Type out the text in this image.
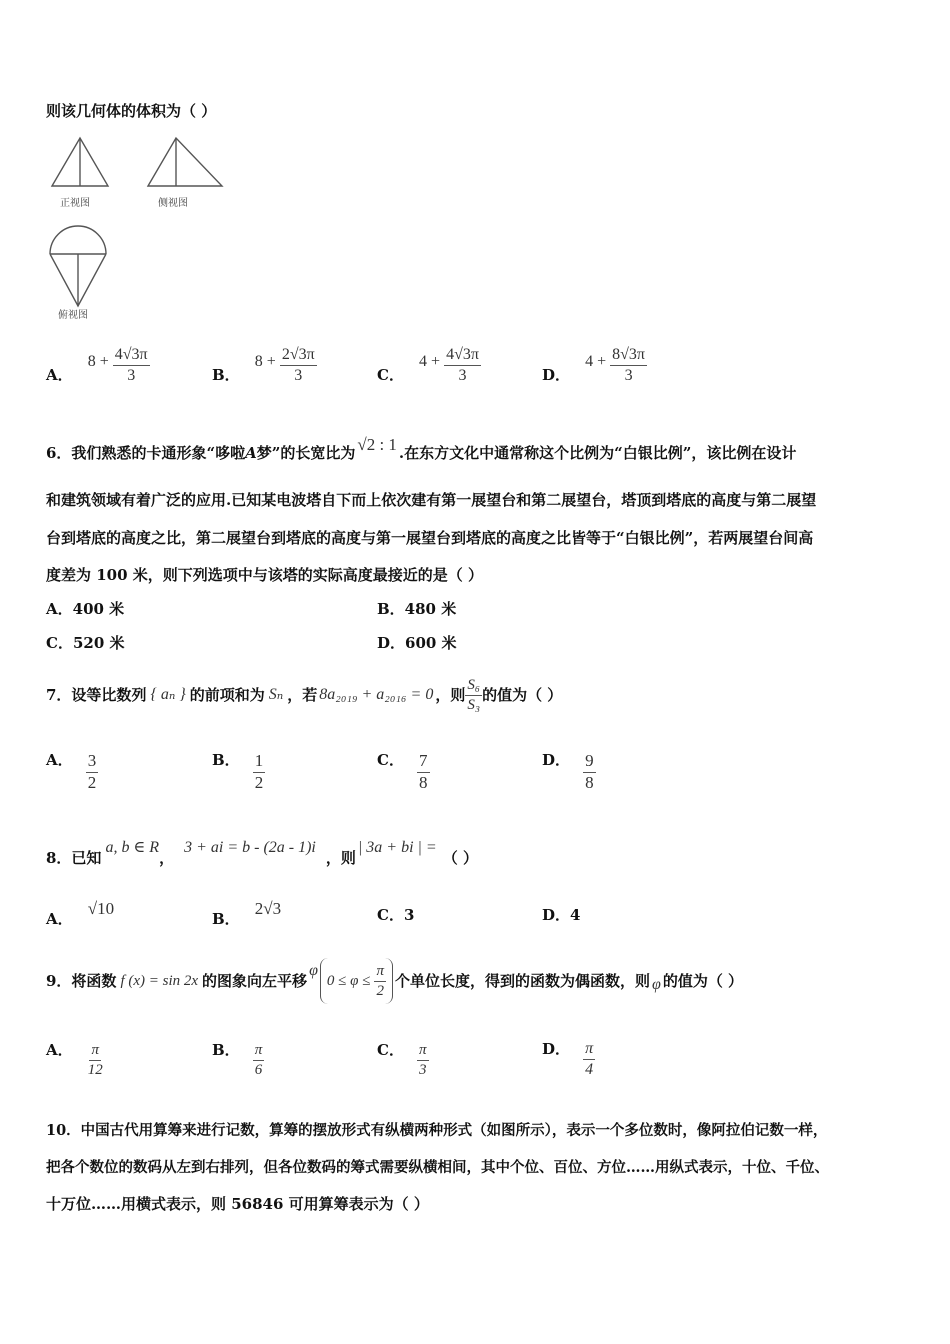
则该几何体的体积为（ ）
正视图	侧视图
俯视图
A． $8 + \frac{4√3\pi}{3}$	B． $8 + \frac{2√3\pi}{3}$	C． $4 + \frac{4√3\pi}{3}$	D． $4 + \frac{8√3\pi}{3}$
6．我们熟悉的卡通形象“哆啦A梦”的长宽比为 √2 : 1 .在东方文化中通常称这个比例为“白银比例”，该比例在设计
和建筑领域有着广泛的应用.已知某电波塔自下而上依次建有第一展望台和第二展望台，塔顶到塔底的高度与第二展望
台到塔底的高度之比，第二展望台到塔底的高度与第一展望台到塔底的高度之比皆等于“白银比例”，若两展望台间高
度差为 100 米，则下列选项中与该塔的实际高度最接近的是（ ）
A．400 米	B．480 米
C．520 米	D．600 米
7．设等比数列 { aₙ } 的前项和为 Sₙ ，若 8a₂₀₁₉ + a₂₀₁₆ = 0 ，则 $\frac{\text{S₆}}{\text{S₃}}$ 的值为（ ）
A． $\frac{3}{2}$	B． $\frac{1}{2}$	C． $\frac{7}{8}$	D． $\frac{9}{8}$
8．已知
a, b ∈ R
，
3 + ai = b - (2a - 1)i
，则
| 3a + bi | =
（ ）
A． √10
B． 2√3	C．3	D．4
9．将函数 f (x) = sin 2x 的图象向左平移
φ
$0 \le \varphi \le \frac{\pi}{2}$ 个单位长度，得到的函数为偶函数，则 φ 的值为（ ）
A． $\frac{\pi}{12}$	B． $\frac{\pi}{6}$	C． $\frac{\pi}{3}$	D． $\frac{\pi}{4}$
10．中国古代用算筹来进行记数，算筹的摆放形式有纵横两种形式（如图所示），表示一个多位数时，像阿拉伯记数一样，
把各个数位的数码从左到右排列，但各位数码的筹式需要纵横相间，其中个位、百位、方位……用纵式表示，十位、千位、
十万位……用横式表示，则 56846 可用算筹表示为（ ）
